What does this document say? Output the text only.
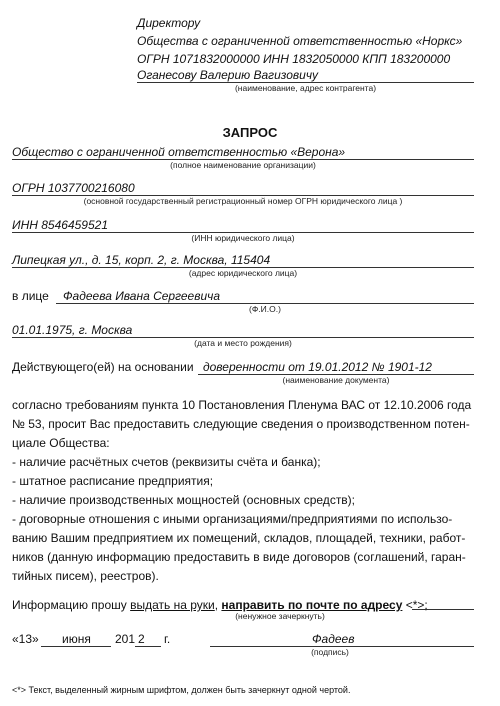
Директору
Общества с ограниченной ответственностью «Норкс»
ОГРН 1071832000000 ИНН 1832050000 КПП 183200000
Оганесову Валерию Вагизовичу
(наименование, адрес контрагента)
ЗАПРОС
Общество с ограниченной ответственностью «Верона»
(полное наименование организации)
ОГРН 1037700216080
(основной государственный регистрационный номер ОГРН юридического лица )
ИНН 8546459521
(ИНН юридического лица)
Липецкая ул., д. 15, корп. 2, г. Москва, 115404
(адрес юридического лица)
в лице Фадеева Ивана Сергеевича
(Ф.И.О.)
01.01.1975, г. Москва
(дата и место рождения)
Действующего(ей) на основании доверенности от 19.01.2012 № 1901-12
(наименование документа)
согласно требованиям пункта 10 Постановления Пленума ВАС от 12.10.2006 года
№ 53, просит Вас предоставить следующие сведения о производственном потен-
циале Общества:
- наличие расчётных счетов (реквизиты счёта и банка);
- штатное расписание предприятия;
- наличие производственных мощностей (основных средств);
- договорные отношения с иными организациями/предприятиями по использо-
ванию Вашим предприятием их помещений, складов, площадей, техники, работ-
ников (данную информацию предоставить в виде договоров (соглашений, гаран-
тийных писем), реестров).
Информацию прошу выдать на руки, направить по почте по адресу <*>;
(ненужное зачеркнуть)
«13» июня 201 2 г.	Фадеев
(подпись)
<*> Текст, выделенный жирным шрифтом, должен быть зачеркнут одной чертой.
